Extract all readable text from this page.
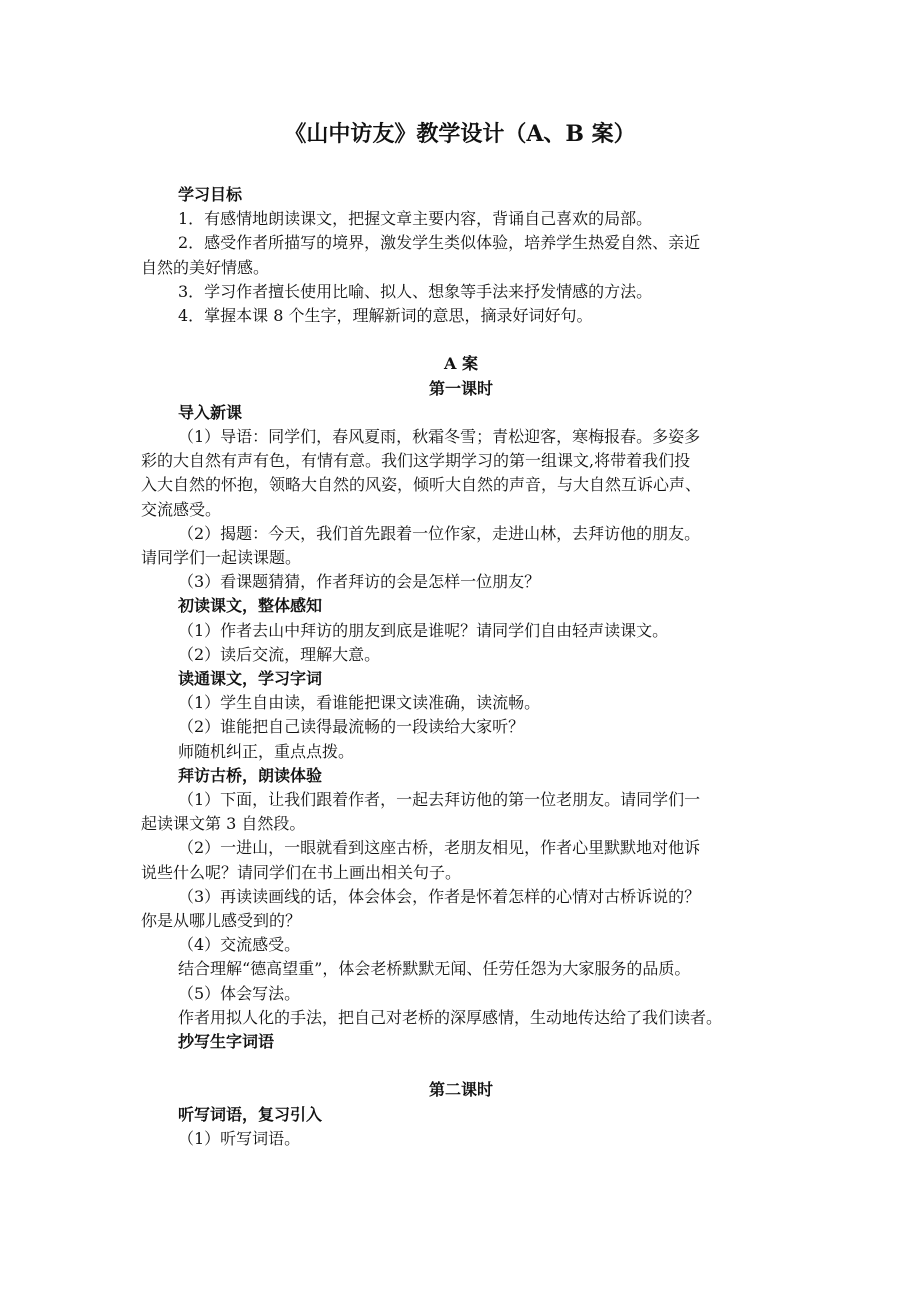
《山中访友》教学设计（A、B 案）

学习目标

1．有感情地朗读课文，把握文章主要内容，背诵自己喜欢的局部。

2．感受作者所描写的境界，激发学生类似体验，培养学生热爱自然、亲近

自然的美好情感。

3．学习作者擅长使用比喻、拟人、想象等手法来抒发情感的方法。

4．掌握本课 8 个生字，理解新词的意思，摘录好词好句。

A 案

第一课时

导入新课

（1）导语：同学们，春风夏雨，秋霜冬雪；青松迎客，寒梅报春。多姿多

彩的大自然有声有色，有情有意。我们这学期学习的第一组课文,将带着我们投

入大自然的怀抱，领略大自然的风姿，倾听大自然的声音，与大自然互诉心声、

交流感受。

（2）揭题：今天，我们首先跟着一位作家，走进山林，去拜访他的朋友。

请同学们一起读课题。

（3）看课题猜猜，作者拜访的会是怎样一位朋友？

初读课文，整体感知

（1）作者去山中拜访的朋友到底是谁呢？请同学们自由轻声读课文。

（2）读后交流，理解大意。

读通课文，学习字词

（1）学生自由读，看谁能把课文读准确，读流畅。

（2）谁能把自己读得最流畅的一段读给大家听？

师随机纠正，重点点拨。

拜访古桥，朗读体验

（1）下面，让我们跟着作者，一起去拜访他的第一位老朋友。请同学们一

起读课文第 3 自然段。

（2）一进山，一眼就看到这座古桥，老朋友相见，作者心里默默地对他诉

说些什么呢？请同学们在书上画出相关句子。

（3）再读读画线的话，体会体会，作者是怀着怎样的心情对古桥诉说的？

你是从哪儿感受到的？

（4）交流感受。

结合理解“德高望重”，体会老桥默默无闻、任劳任怨为大家服务的品质。

（5）体会写法。

作者用拟人化的手法，把自己对老桥的深厚感情，生动地传达给了我们读者。

抄写生字词语

第二课时

听写词语，复习引入

（1）听写词语。
